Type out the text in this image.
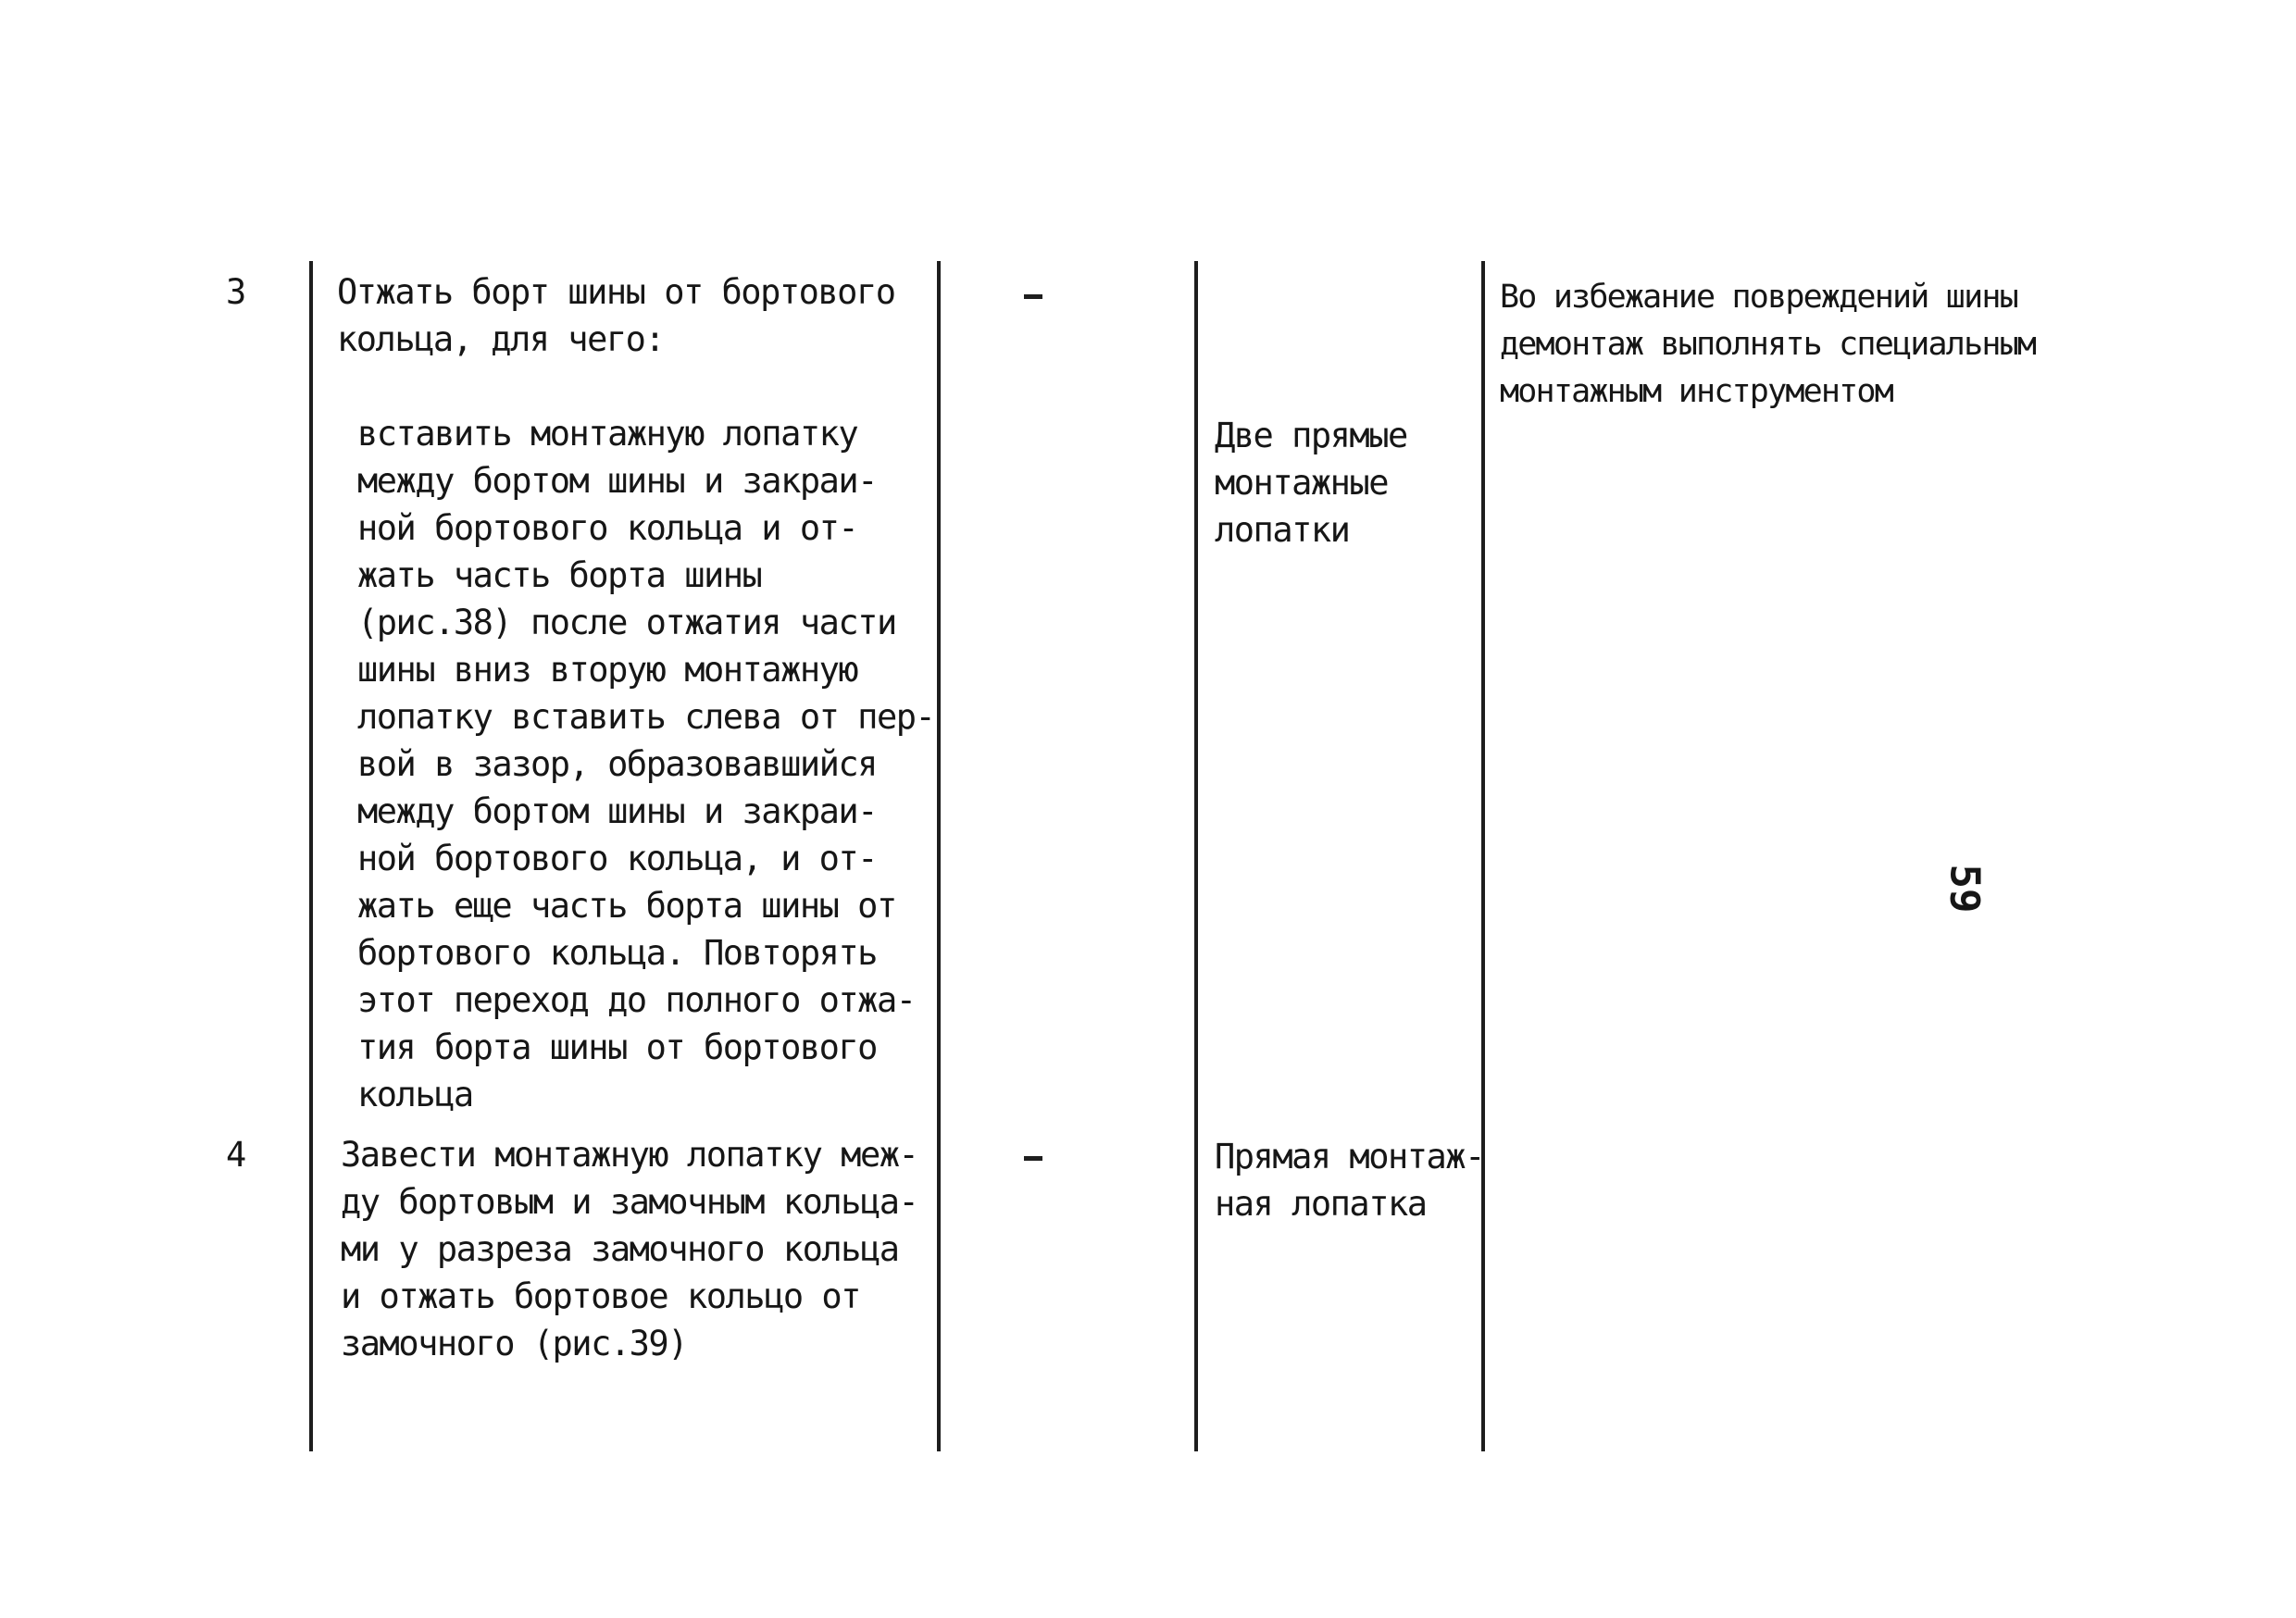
3	Отжать борт шины от бортового
кольца, для чего:

вставить монтажную лопатку
между бортом шины и закраи-
ной бортового кольца и от-
жать часть борта шины
(рис.38) после отжатия части
шины вниз вторую монтажную
лопатку вставить слева от пер-
вой в зазор, образовавшийся
между бортом шины и закраи-
ной бортового кольца, и от-
жать еще часть борта шины от
бортового кольца. Повторять
этот переход до полного отжа-
тия борта шины от бортового
кольца

Две прямые
монтажные
лопатки

Во избежание повреждений шины
демонтаж выполнять специальным
монтажным инструментом

4	Завести монтажную лопатку меж-
ду бортовым и замочным кольца-
ми у разреза замочного кольца
и отжать бортовое кольцо от
замочного (рис.39)

Прямая монтаж-
ная лопатка

59
